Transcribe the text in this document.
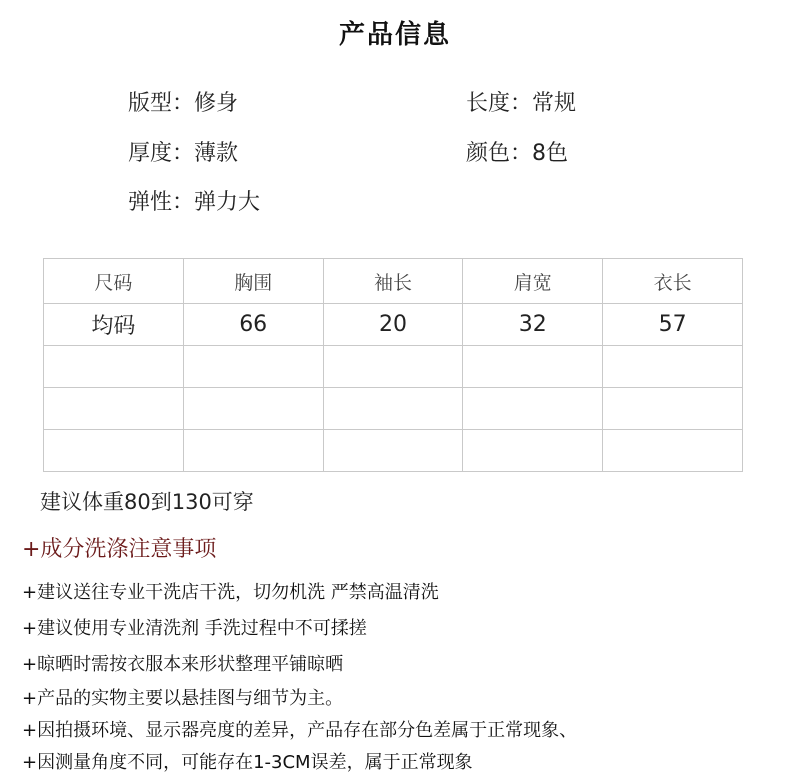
产品信息
版型：修身	长度：常规
厚度：薄款	颜色：8色
弹性：弹力大
尺码	胸围	袖长	肩宽	衣长
均码	66	20	32	57

建议体重80到130可穿
+成分洗涤注意事项
+建议送往专业干洗店干洗，切勿机洗 严禁高温清洗
+建议使用专业清洗剂 手洗过程中不可揉搓
+晾晒时需按衣服本来形状整理平铺晾晒
+产品的实物主要以悬挂图与细节为主。
+因拍摄环境、显示器亮度的差异，产品存在部分色差属于正常现象、
+因测量角度不同，可能存在1-3CM误差，属于正常现象
